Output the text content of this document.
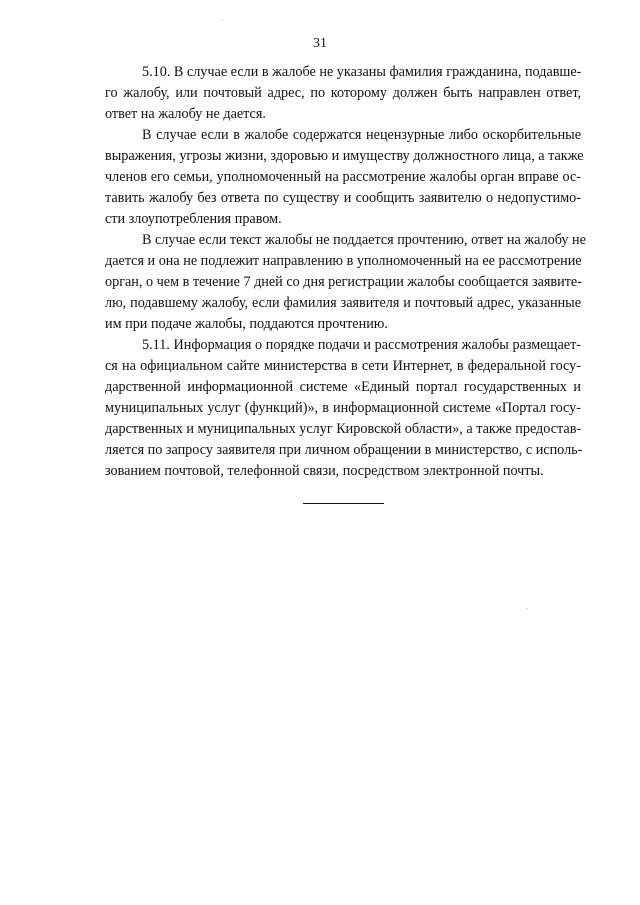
31
5.10. В случае если в жалобе не указаны фамилия гражданина, подавше-
го жалобу, или почтовый адрес, по которому должен быть направлен ответ,
ответ на жалобу не дается.
В случае если в жалобе содержатся нецензурные либо оскорбительные
выражения, угрозы жизни, здоровью и имуществу должностного лица, а также
членов его семьи, уполномоченный на рассмотрение жалобы орган вправе ос-
тавить жалобу без ответа по существу и сообщить заявителю о недопустимо-
сти злоупотребления правом.
В случае если текст жалобы не поддается прочтению, ответ на жалобу не
дается и она не подлежит направлению в уполномоченный на ее рассмотрение
орган, о чем в течение 7 дней со дня регистрации жалобы сообщается заявите-
лю, подавшему жалобу, если фамилия заявителя и почтовый адрес, указанные
им при подаче жалобы, поддаются прочтению.
5.11. Информация о порядке подачи и рассмотрения жалобы размещает-
ся на официальном сайте министерства в сети Интернет, в федеральной госу-
дарственной информационной системе «Единый портал государственных и
муниципальных услуг (функций)», в информационной системе «Портал госу-
дарственных и муниципальных услуг Кировской области», а также предостав-
ляется по запросу заявителя при личном обращении в министерство, с исполь-
зованием почтовой, телефонной связи, посредством электронной почты.
